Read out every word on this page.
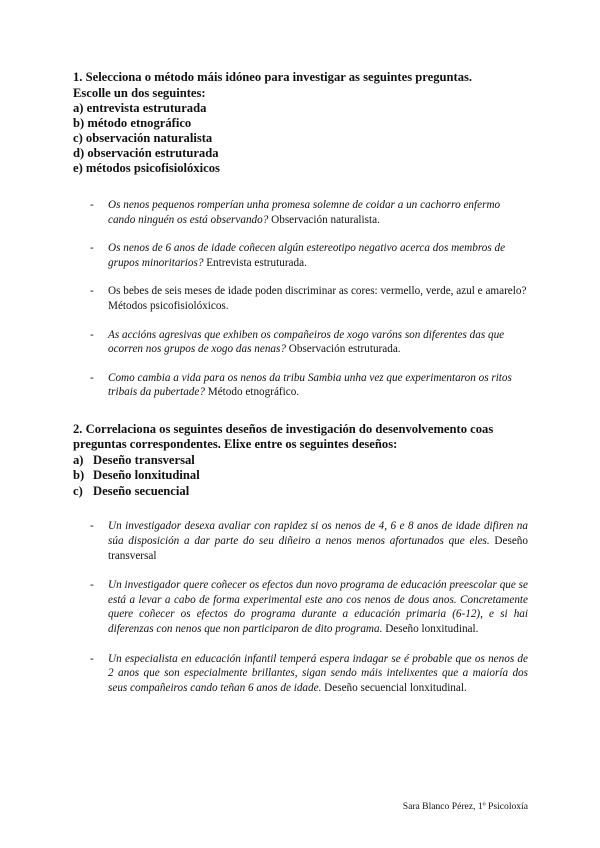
1. Selecciona o método máis idóneo para investigar as seguintes preguntas.
Escolle un dos seguintes:
a) entrevista estruturada
b) método etnográfico
c) observación naturalista
d) observación estruturada
e) métodos psicofisiolóxicos
- Os nenos pequenos romperían unha promesa solemne de coidar a un cachorro enfermo cando ninguén os está observando? Observación naturalista.
- Os nenos de 6 anos de idade coñecen algún estereotipo negativo acerca dos membros de grupos minoritarios? Entrevista estruturada.
- Os bebes de seis meses de idade poden discriminar as cores: vermello, verde, azul e amarelo? Métodos psicofisiolóxicos.
- As accións agresivas que exhiben os compañeiros de xogo varóns son diferentes das que ocorren nos grupos de xogo das nenas? Observación estruturada.
- Como cambia a vida para os nenos da tribu Sambia unha vez que experimentaron os ritos tribais da pubertade? Método etnográfico.
2. Correlaciona os seguintes deseños de investigación do desenvolvemento coas
preguntas correspondentes. Elixe entre os seguintes deseños:
a) Deseño transversal
b) Deseño lonxitudinal
c) Deseño secuencial
- Un investigador desexa avaliar con rapidez si os nenos de 4, 6 e 8 anos de idade difiren na súa disposición a dar parte do seu diñeiro a nenos menos afortunados que eles. Deseño transversal
- Un investigador quere coñecer os efectos dun novo programa de educación preescolar que se está a levar a cabo de forma experimental este ano cos nenos de dous anos. Concretamente quere coñecer os efectos do programa durante a educación primaria (6-12), e si hai diferenzas con nenos que non participaron de dito programa. Deseño lonxitudinal.
- Un especialista en educación infantil temperá espera indagar se é probable que os nenos de 2 anos que son especialmente brillantes, sigan sendo máis intelixentes que a maioría dos seus compañeiros cando teñan 6 anos de idade. Deseño secuencial lonxitudinal.
Sara Blanco Pérez, 1º Psicoloxía
